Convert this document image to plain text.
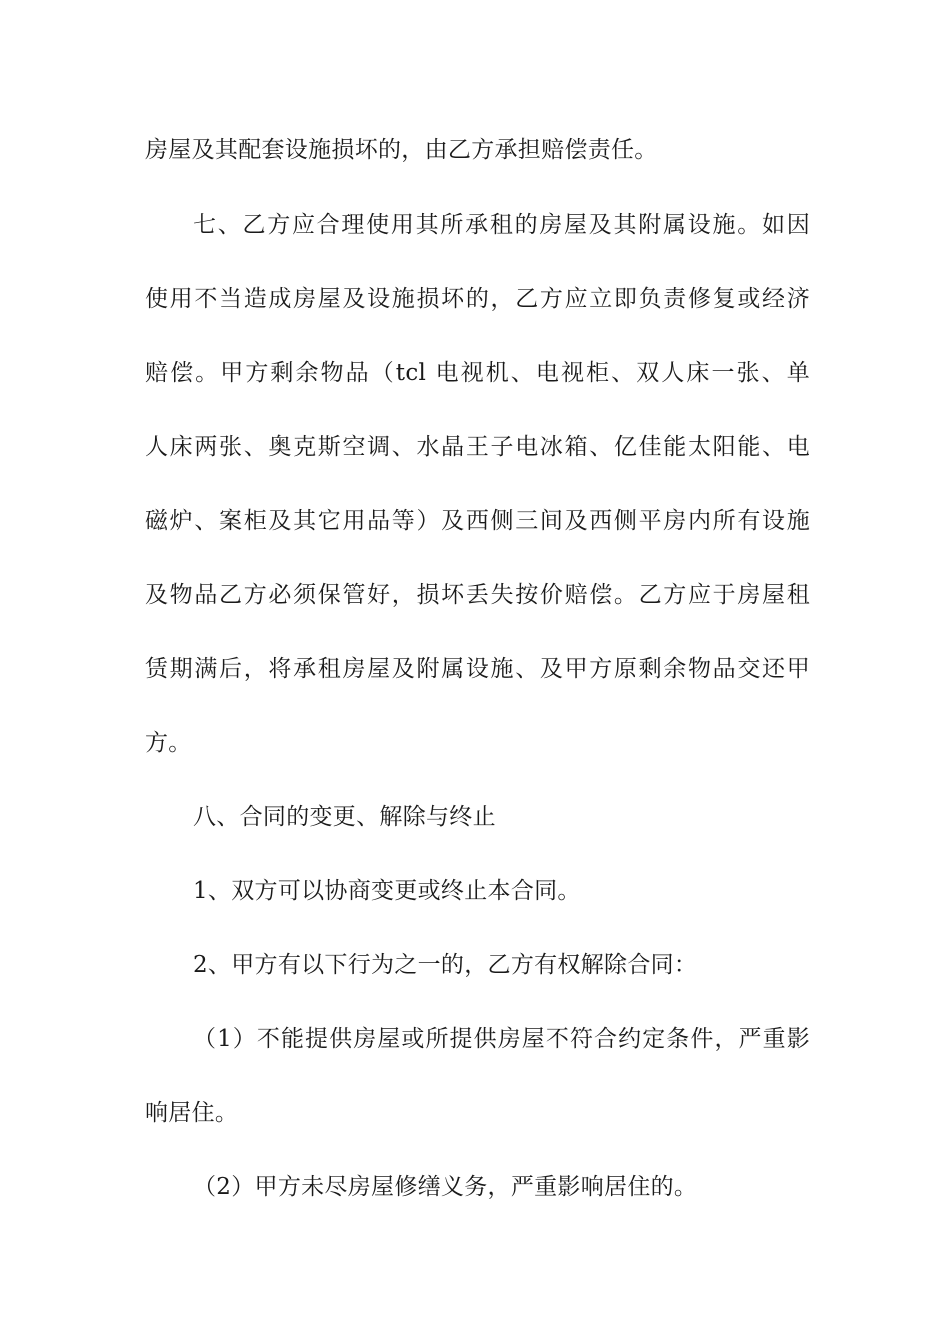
房屋及其配套设施损坏的，由乙方承担赔偿责任。
七、乙方应合理使用其所承租的房屋及其附属设施。如因
使用不当造成房屋及设施损坏的，乙方应立即负责修复或经济
赔偿。甲方剩余物品（tcl 电视机、电视柜、双人床一张、单
人床两张、奥克斯空调、水晶王子电冰箱、亿佳能太阳能、电
磁炉、案柜及其它用品等）及西侧三间及西侧平房内所有设施
及物品乙方必须保管好，损坏丢失按价赔偿。乙方应于房屋租
赁期满后，将承租房屋及附属设施、及甲方原剩余物品交还甲
方。
八、合同的变更、解除与终止
1、双方可以协商变更或终止本合同。
2、甲方有以下行为之一的，乙方有权解除合同：
（1）不能提供房屋或所提供房屋不符合约定条件，严重影
响居住。
（2）甲方未尽房屋修缮义务，严重影响居住的。
